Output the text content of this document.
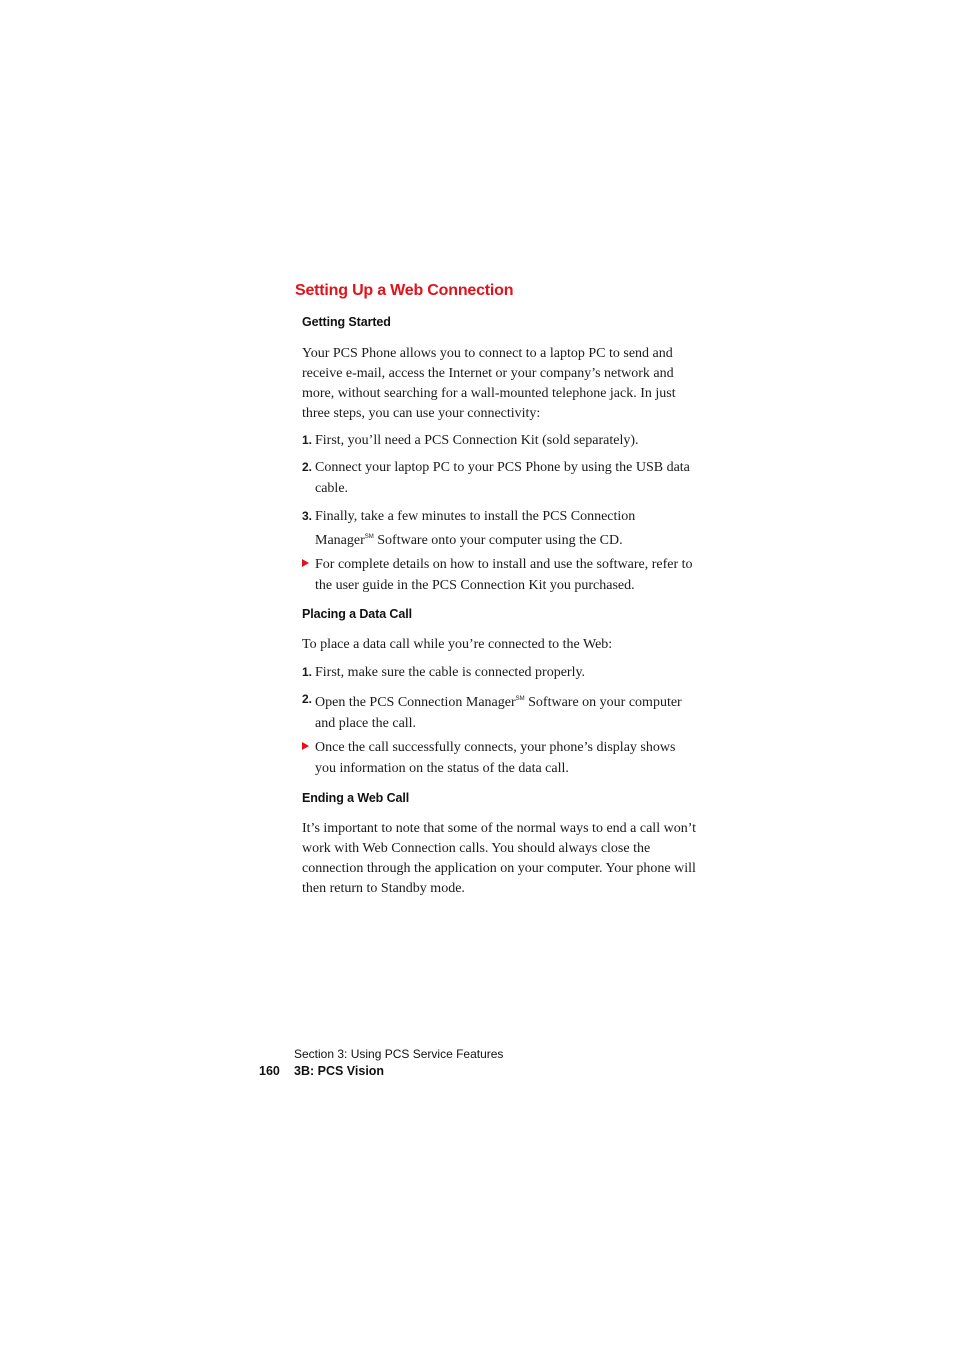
Setting Up a Web Connection
Getting Started

Your PCS Phone allows you to connect to a laptop PC to send and receive e-mail, access the Internet or your company’s network and more, without searching for a wall-mounted telephone jack. In just three steps, you can use your connectivity:

1. First, you’ll need a PCS Connection Kit (sold separately).
2. Connect your laptop PC to your PCS Phone by using the USB data cable.
3. Finally, take a few minutes to install the PCS Connection Manager℠ Software onto your computer using the CD.
For complete details on how to install and use the software, refer to the user guide in the PCS Connection Kit you purchased.
Placing a Data Call

To place a data call while you’re connected to the Web:

1. First, make sure the cable is connected properly.
2. Open the PCS Connection Manager℠ Software on your computer and place the call.
Once the call successfully connects, your phone’s display shows you information on the status of the data call.
Ending a Web Call

It’s important to note that some of the normal ways to end a call won’t work with Web Connection calls. You should always close the connection through the application on your computer. Your phone will then return to Standby mode.

Section 3: Using PCS Service Features
160 3B: PCS Vision
